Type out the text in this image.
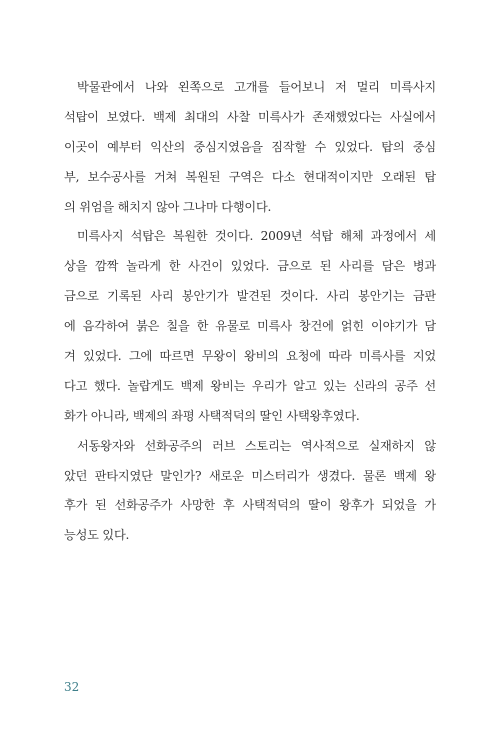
박물관에서 나와 왼쪽으로 고개를 들어보니 저 멀리 미륵사지
석탑이 보였다. 백제 최대의 사찰 미륵사가 존재했었다는 사실에서
이곳이 예부터 익산의 중심지였음을 짐작할 수 있었다. 탑의 중심
부, 보수공사를 거쳐 복원된 구역은 다소 현대적이지만 오래된 탑
의 위엄을 해치지 않아 그나마 다행이다.
미륵사지 석탑은 복원한 것이다. 2009년 석탑 해체 과정에서 세
상을 깜짝 놀라게 한 사건이 있었다. 금으로 된 사리를 담은 병과
금으로 기록된 사리 봉안기가 발견된 것이다. 사리 봉안기는 금판
에 음각하여 붉은 칠을 한 유물로 미륵사 창건에 얽힌 이야기가 담
겨 있었다. 그에 따르면 무왕이 왕비의 요청에 따라 미륵사를 지었
다고 했다. 놀랍게도 백제 왕비는 우리가 알고 있는 신라의 공주 선
화가 아니라, 백제의 좌평 사택적덕의 딸인 사택왕후였다.
서동왕자와 선화공주의 러브 스토리는 역사적으로 실재하지 않
았던 판타지였단 말인가? 새로운 미스터리가 생겼다. 물론 백제 왕
후가 된 선화공주가 사망한 후 사택적덕의 딸이 왕후가 되었을 가
능성도 있다.
32
